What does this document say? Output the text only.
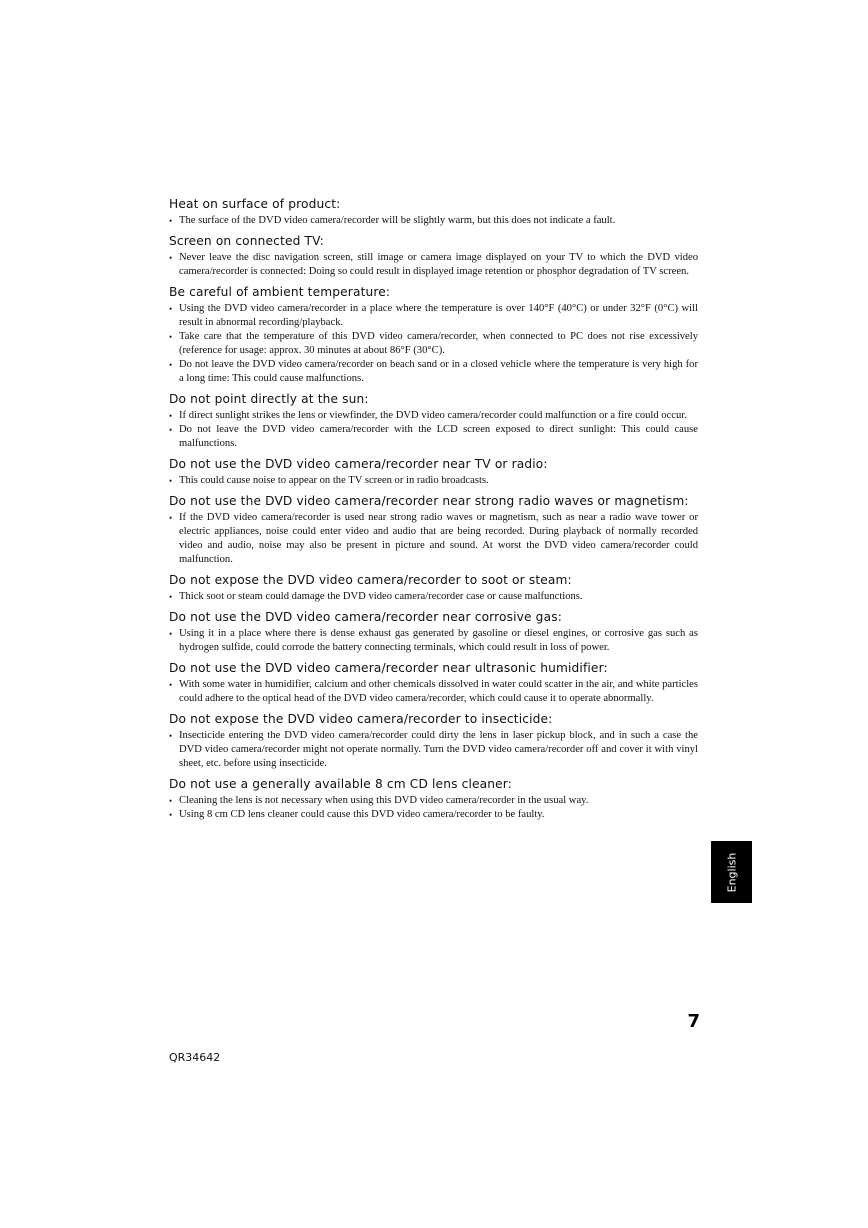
Heat on surface of product:
• The surface of the DVD video camera/recorder will be slightly warm, but this does not indicate a fault.
Screen on connected TV:
• Never leave the disc navigation screen, still image or camera image displayed on your TV to which the DVD video camera/recorder is connected: Doing so could result in displayed image retention or phosphor degradation of TV screen.
Be careful of ambient temperature:
• Using the DVD video camera/recorder in a place where the temperature is over 140°F (40°C) or under 32°F (0°C) will result in abnormal recording/playback.
• Take care that the temperature of this DVD video camera/recorder, when connected to PC does not rise excessively (reference for usage: approx. 30 minutes at about 86°F (30°C).
• Do not leave the DVD video camera/recorder on beach sand or in a closed vehicle where the temperature is very high for a long time: This could cause malfunctions.
Do not point directly at the sun:
• If direct sunlight strikes the lens or viewfinder, the DVD video camera/recorder could malfunction or a fire could occur.
• Do not leave the DVD video camera/recorder with the LCD screen exposed to direct sunlight: This could cause malfunctions.
Do not use the DVD video camera/recorder near TV or radio:
• This could cause noise to appear on the TV screen or in radio broadcasts.
Do not use the DVD video camera/recorder near strong radio waves or magnetism:
• If the DVD video camera/recorder is used near strong radio waves or magnetism, such as near a radio wave tower or electric appliances, noise could enter video and audio that are being recorded. During playback of normally recorded video and audio, noise may also be present in picture and sound. At worst the DVD video camera/recorder could malfunction.
Do not expose the DVD video camera/recorder to soot or steam:
• Thick soot or steam could damage the DVD video camera/recorder case or cause malfunctions.
Do not use the DVD video camera/recorder near corrosive gas:
• Using it in a place where there is dense exhaust gas generated by gasoline or diesel engines, or corrosive gas such as hydrogen sulfide, could corrode the battery connecting terminals, which could result in loss of power.
Do not use the DVD video camera/recorder near ultrasonic humidifier:
• With some water in humidifier, calcium and other chemicals dissolved in water could scatter in the air, and white particles could adhere to the optical head of the DVD video camera/recorder, which could cause it to operate abnormally.
Do not expose the DVD video camera/recorder to insecticide:
• Insecticide entering the DVD video camera/recorder could dirty the lens in laser pickup block, and in such a case the DVD video camera/recorder might not operate normally. Turn the DVD video camera/recorder off and cover it with vinyl sheet, etc. before using insecticide.
Do not use a generally available 8 cm CD lens cleaner:
• Cleaning the lens is not necessary when using this DVD video camera/recorder in the usual way.
• Using 8 cm CD lens cleaner could cause this DVD video camera/recorder to be faulty.
English
7
QR34642
